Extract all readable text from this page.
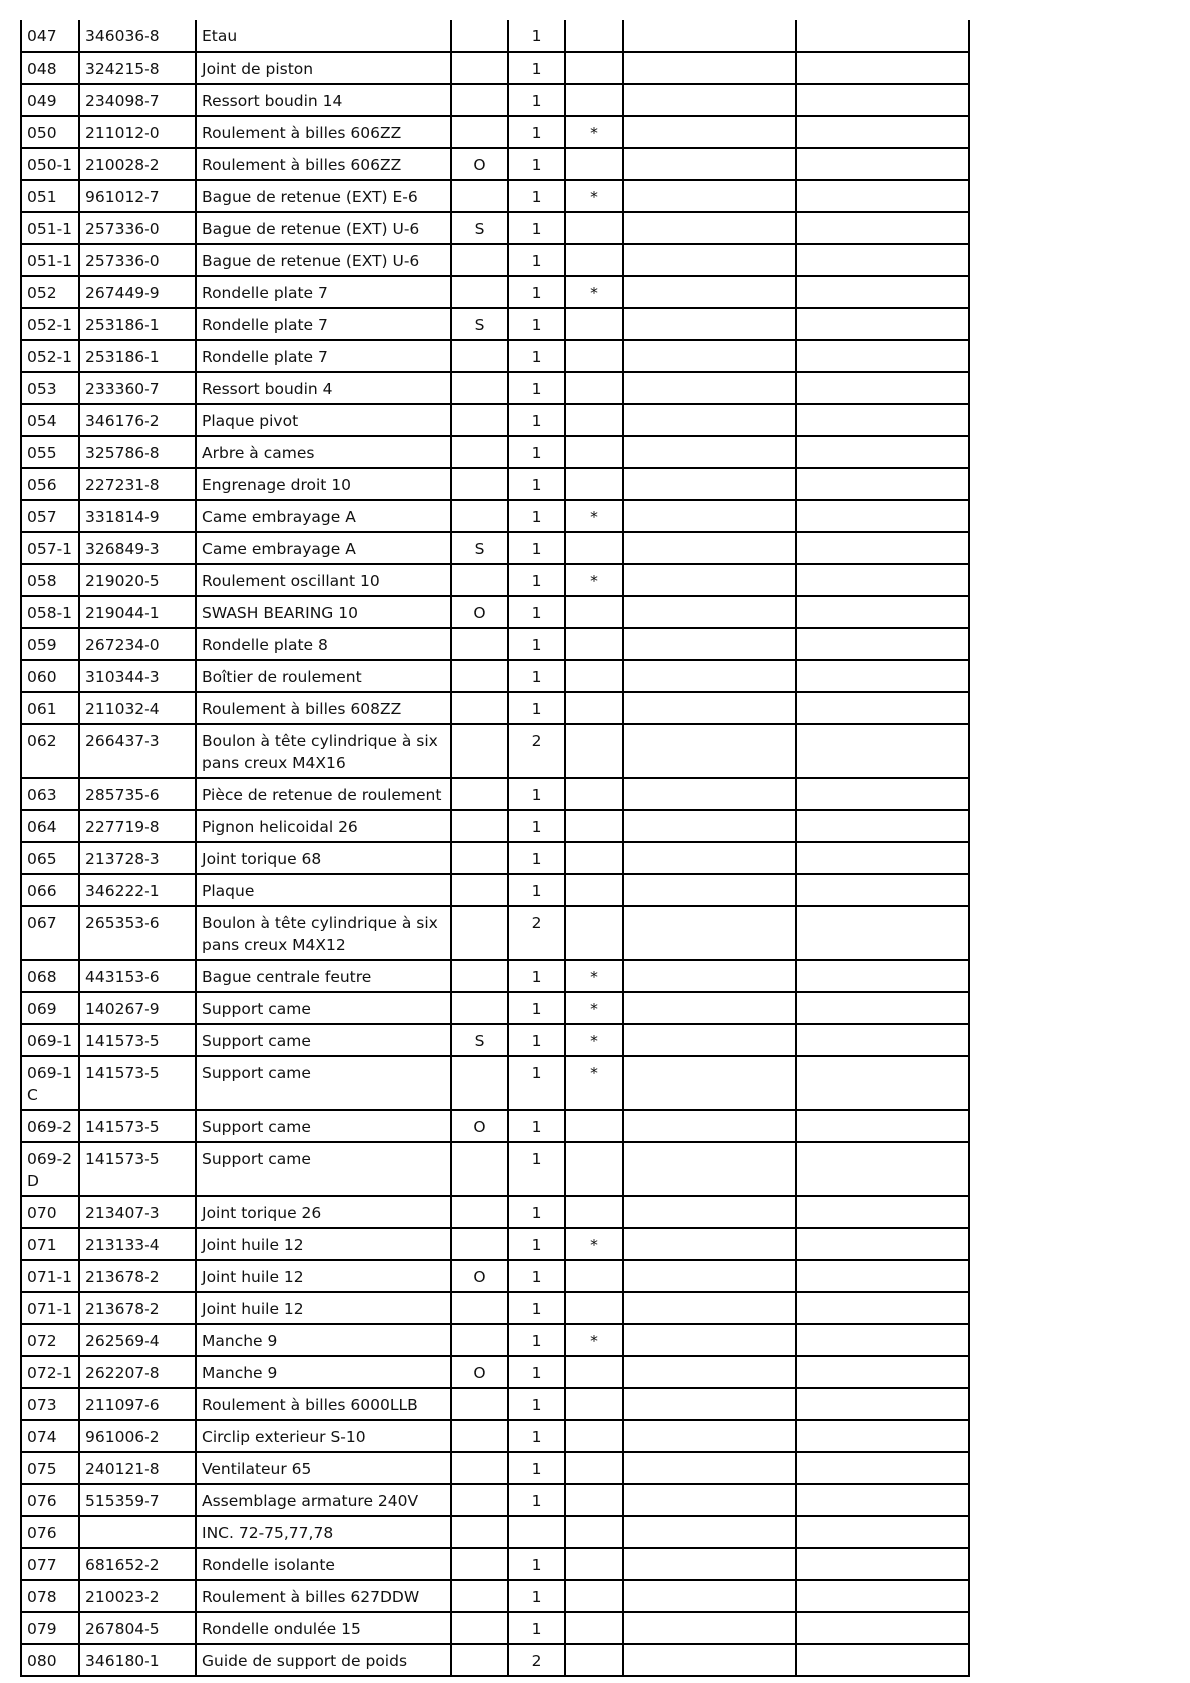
047	346036-8	Etau		1			
048	324215-8	Joint de piston		1			
049	234098-7	Ressort boudin 14		1			
050	211012-0	Roulement à billes 606ZZ		1	*		
050-1	210028-2	Roulement à billes 606ZZ	O	1			
051	961012-7	Bague de retenue (EXT) E-6		1	*		
051-1	257336-0	Bague de retenue (EXT) U-6	S	1			
051-1	257336-0	Bague de retenue (EXT) U-6		1			
052	267449-9	Rondelle plate 7		1	*		
052-1	253186-1	Rondelle plate 7	S	1			
052-1	253186-1	Rondelle plate 7		1			
053	233360-7	Ressort boudin 4		1			
054	346176-2	Plaque pivot		1			
055	325786-8	Arbre à cames		1			
056	227231-8	Engrenage droit 10		1			
057	331814-9	Came embrayage A		1	*		
057-1	326849-3	Came embrayage A	S	1			
058	219020-5	Roulement oscillant 10		1	*		
058-1	219044-1	SWASH BEARING 10	O	1			
059	267234-0	Rondelle plate 8		1			
060	310344-3	Boîtier de roulement		1			
061	211032-4	Roulement à billes 608ZZ		1			
062	266437-3	Boulon à tête cylindrique à six pans creux M4X16		2			
063	285735-6	Pièce de retenue de roulement		1			
064	227719-8	Pignon helicoidal 26		1			
065	213728-3	Joint torique 68		1			
066	346222-1	Plaque		1			
067	265353-6	Boulon à tête cylindrique à six pans creux M4X12		2			
068	443153-6	Bague centrale feutre		1	*		
069	140267-9	Support came		1	*		
069-1	141573-5	Support came	S	1	*		
069-1C	141573-5	Support came		1	*		
069-2	141573-5	Support came	O	1			
069-2D	141573-5	Support came		1			
070	213407-3	Joint torique 26		1			
071	213133-4	Joint huile 12		1	*		
071-1	213678-2	Joint huile 12	O	1			
071-1	213678-2	Joint huile 12		1			
072	262569-4	Manche 9		1	*		
072-1	262207-8	Manche 9	O	1			
073	211097-6	Roulement à billes 6000LLB		1			
074	961006-2	Circlip exterieur S-10		1			
075	240121-8	Ventilateur 65		1			
076	515359-7	Assemblage armature 240V		1			
076		INC. 72-75,77,78					
077	681652-2	Rondelle isolante		1			
078	210023-2	Roulement à billes 627DDW		1			
079	267804-5	Rondelle ondulée 15		1			
080	346180-1	Guide de support de poids		2			
